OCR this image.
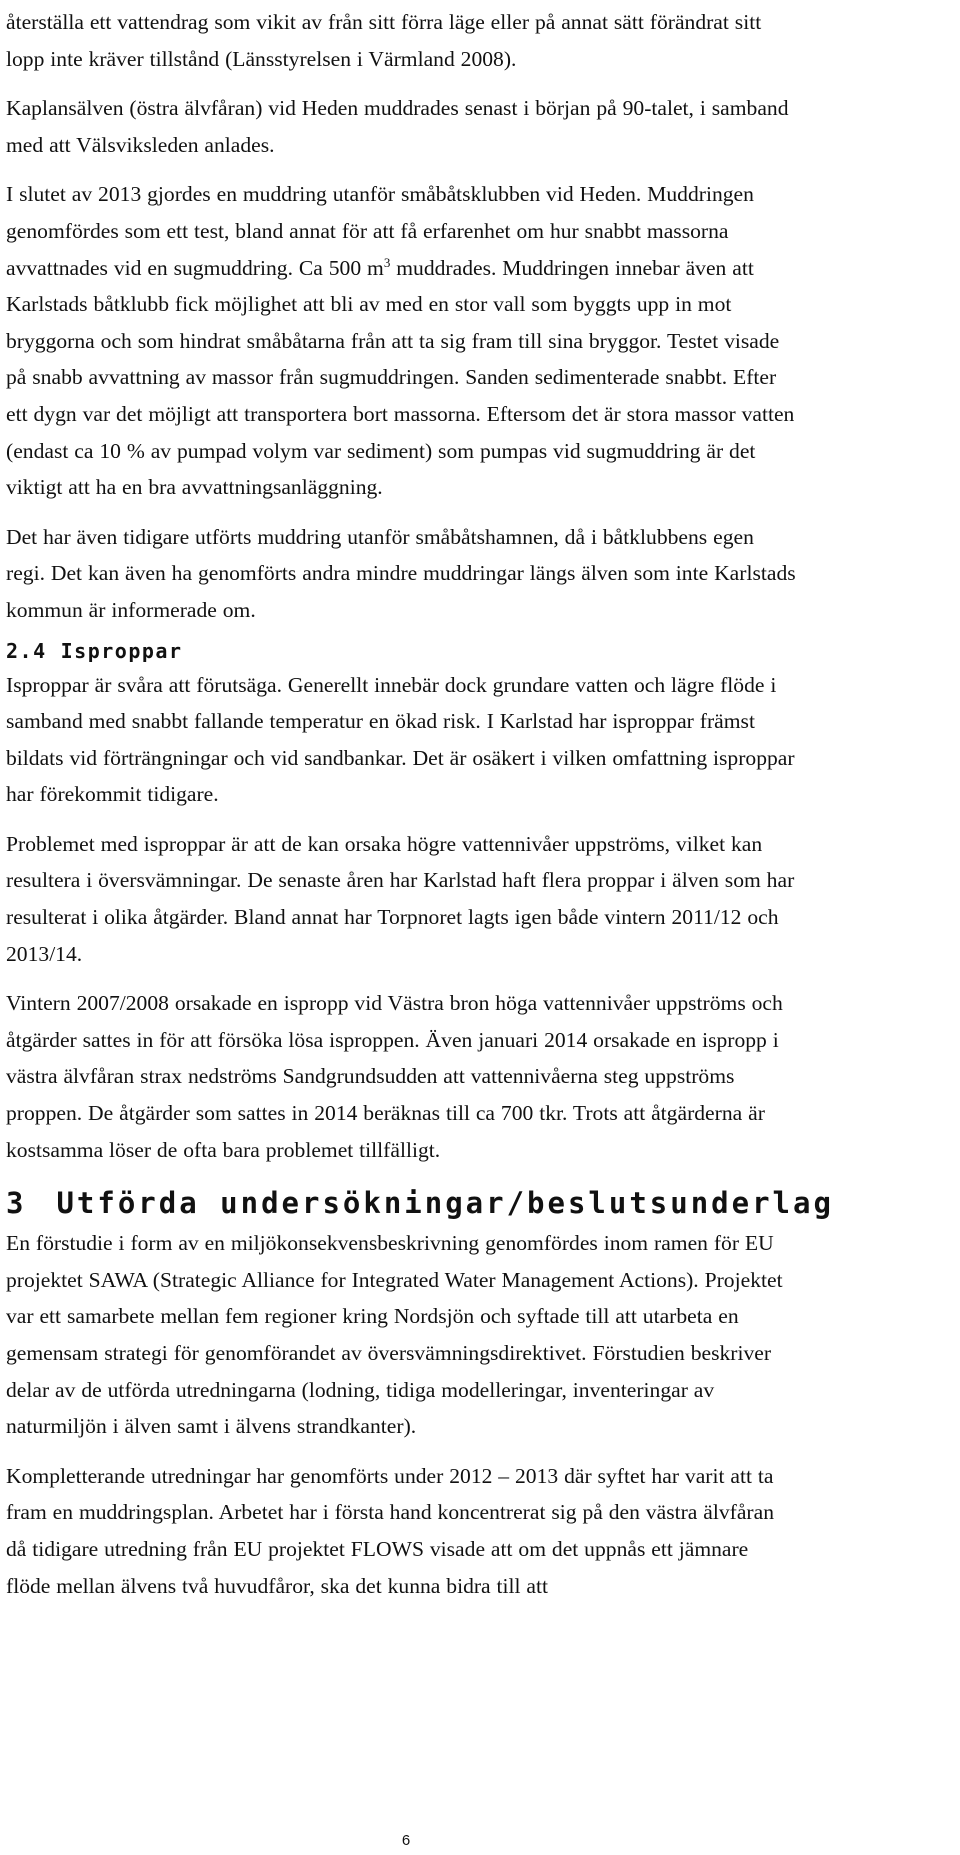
återställa ett vattendrag som vikit av från sitt förra läge eller på annat sätt förändrat sitt lopp inte kräver tillstånd (Länsstyrelsen i Värmland 2008).

Kaplansälven (östra älvfåran) vid Heden muddrades senast i början på 90-talet, i samband med att Välsviksleden anlades.

I slutet av 2013 gjordes en muddring utanför småbåtsklubben vid Heden. Muddringen genomfördes som ett test, bland annat för att få erfarenhet om hur snabbt massorna avvattnades vid en sugmuddring. Ca 500 $m^3$ muddrades. Muddringen innebar även att Karlstads båtklubb fick möjlighet att bli av med en stor vall som byggts upp in mot bryggorna och som hindrat småbåtarna från att ta sig fram till sina bryggor. Testet visade på snabb avvattning av massor från sugmuddringen. Sanden sedimenterade snabbt. Efter ett dygn var det möjligt att transportera bort massorna. Eftersom det är stora massor vatten (endast ca 10 % av pumpad volym var sediment) som pumpas vid sugmuddring är det viktigt att ha en bra avvattningsanläggning.

Det har även tidigare utförts muddring utanför småbåtshamnen, då i båtklubbens egen regi. Det kan även ha genomförts andra mindre muddringar längs älven som inte Karlstads kommun är informerade om.

2.4 Isproppar

Isproppar är svåra att förutsäga. Generellt innebär dock grundare vatten och lägre flöde i samband med snabbt fallande temperatur en ökad risk. I Karlstad har isproppar främst bildats vid förträngningar och vid sandbankar. Det är osäkert i vilken omfattning isproppar har förekommit tidigare.

Problemet med isproppar är att de kan orsaka högre vattennivåer uppströms, vilket kan resultera i översvämningar. De senaste åren har Karlstad haft flera proppar i älven som har resulterat i olika åtgärder. Bland annat har Torpnoret lagts igen både vintern 2011/12 och 2013/14.

Vintern 2007/2008 orsakade en ispropp vid Västra bron höga vattennivåer uppströms och åtgärder sattes in för att försöka lösa isproppen. Även januari 2014 orsakade en ispropp i västra älvfåran strax nedströms Sandgrundsudden att vattennivåerna steg uppströms proppen. De åtgärder som sattes in 2014 beräknas till ca 700 tkr. Trots att åtgärderna är kostsamma löser de ofta bara problemet tillfälligt.

3 Utförda undersökningar/beslutsunderlag

En förstudie i form av en miljökonsekvensbeskrivning genomfördes inom ramen för EU projektet SAWA (Strategic Alliance for Integrated Water Management Actions). Projektet var ett samarbete mellan fem regioner kring Nordsjön och syftade till att utarbeta en gemensam strategi för genomförandet av översvämningsdirektivet. Förstudien beskriver delar av de utförda utredningarna (lodning, tidiga modelleringar, inventeringar av naturmiljön i älven samt i älvens strandkanter).

Kompletterande utredningar har genomförts under 2012 – 2013 där syftet har varit att ta fram en muddringsplan. Arbetet har i första hand koncentrerat sig på den västra älvfåran då tidigare utredning från EU projektet FLOWS visade att om det uppnås ett jämnare flöde mellan älvens två huvudfåror, ska det kunna bidra till att

6
